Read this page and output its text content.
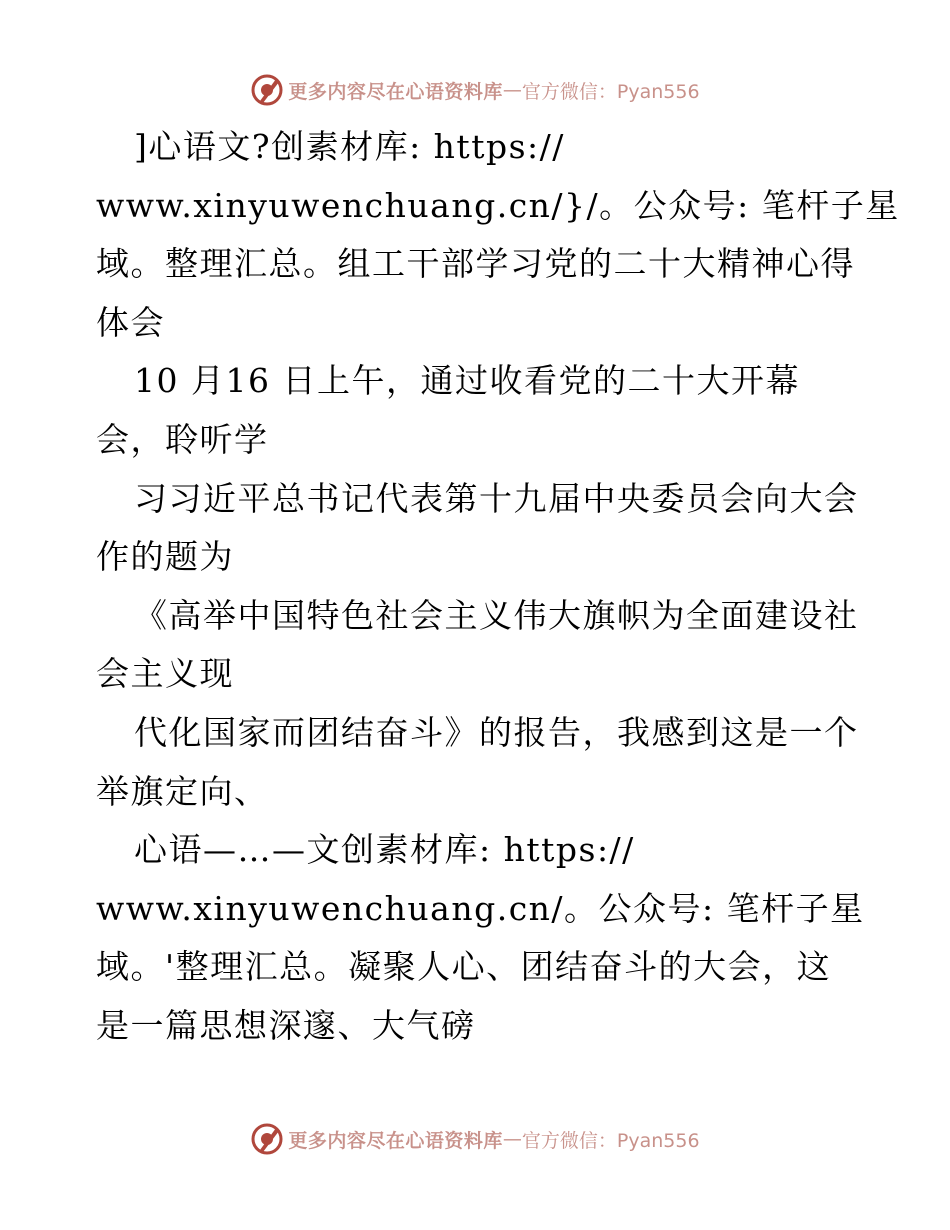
更多内容尽在心语资料库 — 官方微信：Pyan556
]心语文?创素材库: https://
www.xinyuwenchuang.cn/}/。公众号: 笔杆子星
域。整理汇总。组工干部学习党的二十大精神心得
体会
10 月16 日上午，通过收看党的二十大开幕
会，聆听学
习习近平总书记代表第十九届中央委员会向大会
作的题为
《高举中国特色社会主义伟大旗帜为全面建设社
会主义现
代化国家而团结奋斗》的报告，我感到这是一个
举旗定向、
心语—…—文创素材库: https://
www.xinyuwenchuang.cn/。公众号: 笔杆子星
域。'整理汇总。凝聚人心、团结奋斗的大会，这
是一篇思想深邃、大气磅
更多内容尽在心语资料库 — 官方微信：Pyan556
